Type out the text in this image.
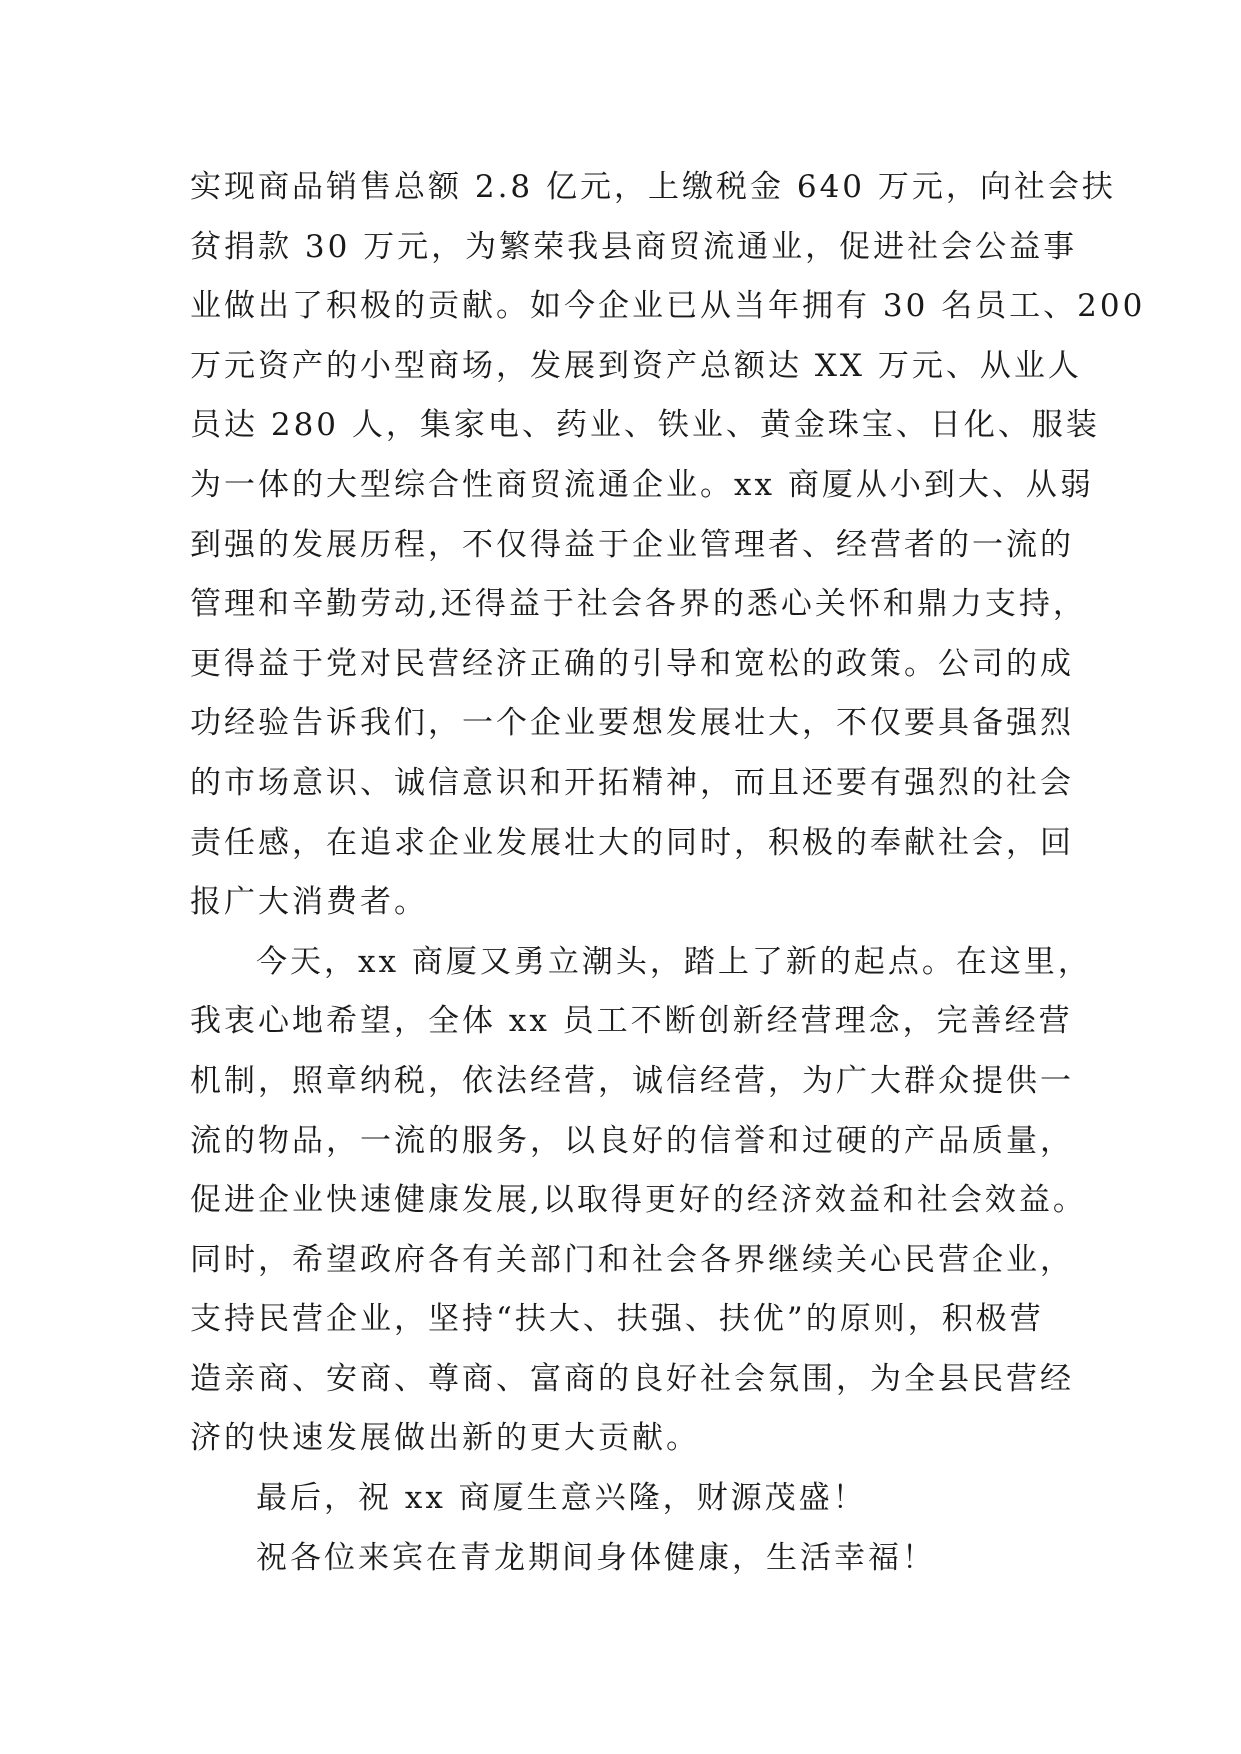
实现商品销售总额 2.8 亿元，上缴税金 640 万元，向社会扶
贫捐款 30 万元，为繁荣我县商贸流通业，促进社会公益事
业做出了积极的贡献。如今企业已从当年拥有 30 名员工、200
万元资产的小型商场，发展到资产总额达 XX 万元、从业人
员达 280 人，集家电、药业、铁业、黄金珠宝、日化、服装
为一体的大型综合性商贸流通企业。xx 商厦从小到大、从弱
到强的发展历程，不仅得益于企业管理者、经营者的一流的
管理和辛勤劳动,还得益于社会各界的悉心关怀和鼎力支持，
更得益于党对民营经济正确的引导和宽松的政策。公司的成
功经验告诉我们，一个企业要想发展壮大，不仅要具备强烈
的市场意识、诚信意识和开拓精神，而且还要有强烈的社会
责任感，在追求企业发展壮大的同时，积极的奉献社会，回
报广大消费者。
今天，xx 商厦又勇立潮头，踏上了新的起点。在这里，
我衷心地希望，全体 xx 员工不断创新经营理念，完善经营
机制，照章纳税，依法经营，诚信经营，为广大群众提供一
流的物品，一流的服务，以良好的信誉和过硬的产品质量，
促进企业快速健康发展,以取得更好的经济效益和社会效益。
同时，希望政府各有关部门和社会各界继续关心民营企业，
支持民营企业，坚持“扶大、扶强、扶优”的原则，积极营
造亲商、安商、尊商、富商的良好社会氛围，为全县民营经
济的快速发展做出新的更大贡献。
最后，祝 xx 商厦生意兴隆，财源茂盛！
祝各位来宾在青龙期间身体健康，生活幸福！
